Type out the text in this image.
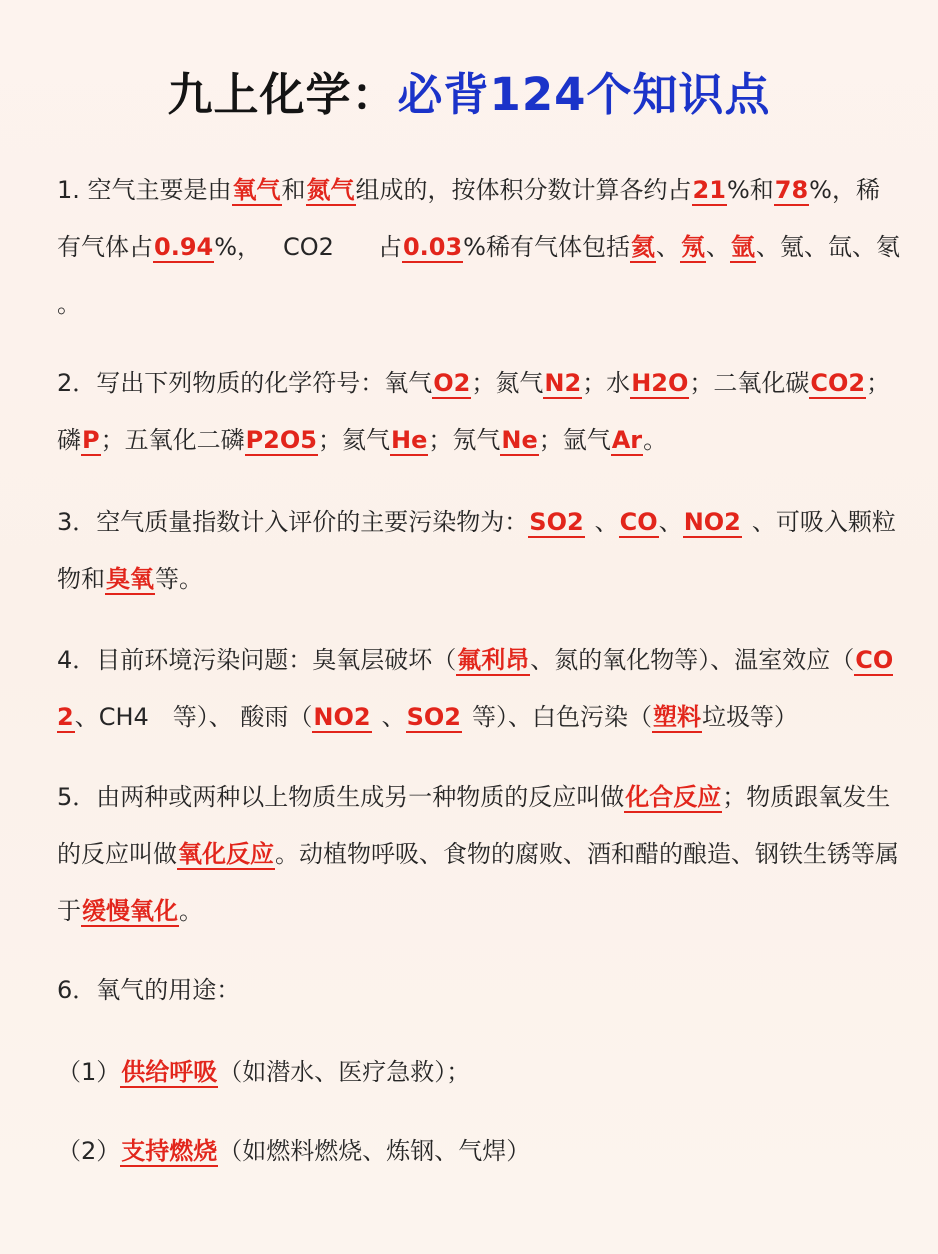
九上化学：必背124个知识点
1. 空气主要是由氧气和氮气组成的，按体积分数计算各约占21%和78%，稀有气体占0.94%， CO2 占0.03%稀有气体包括氦、氖、氩、氪、氙、氡
。
2．写出下列物质的化学符号：氧气O2；氮气N2；水H2O；二氧化碳CO2；磷P；五氧化二磷P2O5；氦气He；氖气Ne；氩气Ar。
3．空气质量指数计入评价的主要污染物为：SO2 、CO、NO2 、可吸入颗粒物和臭氧等。
4．目前环境污染问题：臭氧层破坏（氟利昂、氮的氧化物等）、温室效应（CO2、CH4　等）、 酸雨（NO2 、SO2 等）、白色污染（塑料垃圾等）
5．由两种或两种以上物质生成另一种物质的反应叫做化合反应；物质跟氧发生的反应叫做氧化反应。动植物呼吸、食物的腐败、酒和醋的酿造、钢铁生锈等属于缓慢氧化。
6．氧气的用途：
（1）供给呼吸（如潜水、医疗急救）；
（2）支持燃烧（如燃料燃烧、炼钢、气焊）
